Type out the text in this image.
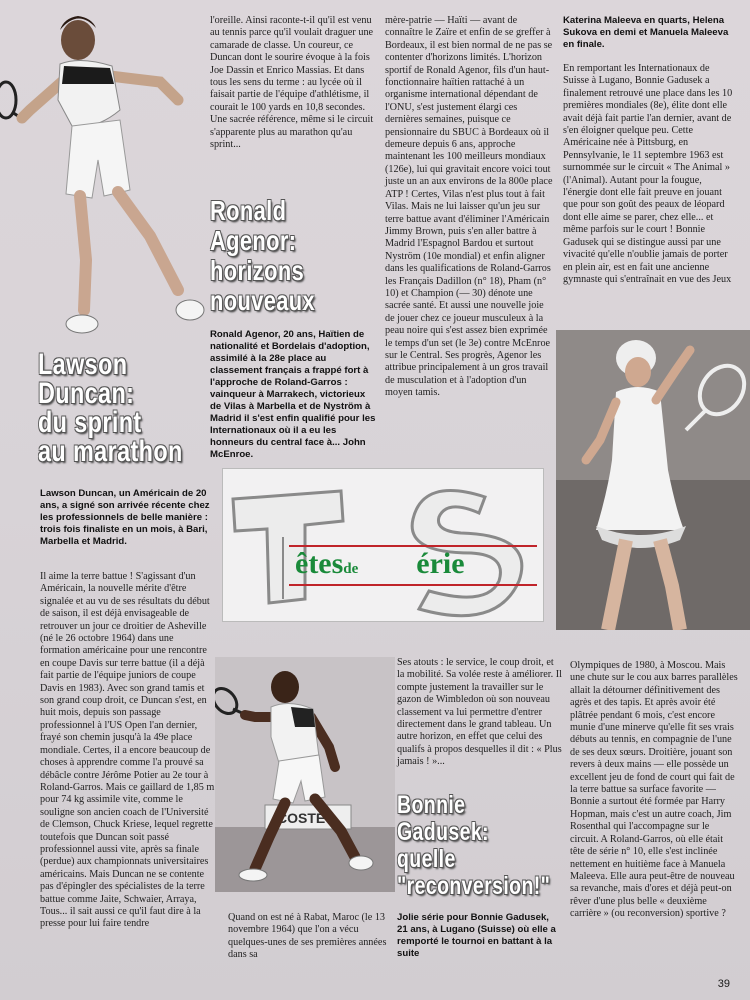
Lawson
Duncan:
du sprint
au marathon

l'oreille. Ainsi raconte-t-il qu'il est venu au tennis parce qu'il voulait draguer une camarade de classe. Un coureur, ce Duncan dont le sourire évoque à la fois Joe Dassin et Enrico Massias. Et dans tous les sens du terme : au lycée où il faisait partie de l'équipe d'athlétisme, il courait le 100 yards en 10,8 secondes. Une sacrée référence, même si le circuit s'apparente plus au marathon qu'au sprint...

Ronald
Agenor:
horizons
nouveaux

Ronald Agenor, 20 ans, Haïtien de nationalité et Bordelais d'adoption, assimilé à la 28e place au classement français a frappé fort à l'approche de Roland-Garros : vainqueur à Marrakech, victorieux de Vilas à Marbella et de Nyström à Madrid il s'est enfin qualifié pour les Internationaux où il a eu les honneurs du central face à... John McEnroe.

mère-patrie — Haïti — avant de connaître le Zaïre et enfin de se greffer à Bordeaux, il est bien normal de ne pas se contenter d'horizons limités. L'horizon sportif de Ronald Agenor, fils d'un haut-fonctionnaire haïtien rattaché à un organisme international dépendant de l'ONU, s'est justement élargi ces dernières semaines, puisque ce pensionnaire du SBUC à Bordeaux où il demeure depuis 6 ans, approche maintenant les 100 meilleurs mondiaux (126e), lui qui gravitait encore voici tout juste un an aux environs de la 800e place ATP ! Certes, Vilas n'est plus tout à fait Vilas. Mais ne lui laisser qu'un jeu sur terre battue avant d'éliminer l'Américain Jimmy Brown, puis s'en aller battre à Madrid l'Espagnol Bardou et surtout Nyström (10e mondial) et enfin aligner dans les qualifications de Roland-Garros les Français Dadillon (n° 18), Pham (n° 10) et Champion (— 30) dénote une sacrée santé. Et aussi une nouvelle joie de jouer chez ce joueur musculeux à la peau noire qui s'est assez bien exprimée le temps d'un set (le 3e) contre McEnroe sur le Central. Ses progrès, Agenor les attribue principalement à un gros travail de musculation et à l'adoption d'un moyen tamis.

Katerina Maleeva en quarts, Helena Sukova en demi et Manuela Maleeva en finale.

En remportant les Internationaux de Suisse à Lugano, Bonnie Gadusek a finalement retrouvé une place dans les 10 premières mondiales (8e), élite dont elle avait déjà fait partie l'an dernier, avant de s'en éloigner quelque peu. Cette Américaine née à Pittsburg, en Pennsylvanie, le 11 septembre 1963 est surnommée sur le circuit « The Animal » (l'Animal). Autant pour la fougue, l'énergie dont elle fait preuve en jouant que pour son goût des peaux de léopard dont elle aime se parer, chez elle... et même parfois sur le court ! Bonnie Gadusek qui se distingue aussi par une vivacité qu'elle n'oublie jamais de porter en plein air, est en fait une ancienne gymnaste qui s'entraînait en vue des Jeux

Lawson Duncan, un Américain de 20 ans, a signé son arrivée récente chez les professionnels de belle manière : trois fois finaliste en un mois, à Bari, Marbella et Madrid.

êtesde érie

Il aime la terre battue ! S'agissant d'un Américain, la nouvelle mérite d'être signalée et au vu de ses résultats du début de saison, il est déjà envisageable de retrouver un jour ce droitier de Asheville (né le 26 octobre 1964) dans une formation américaine pour une rencontre en coupe Davis sur terre battue (il a déjà fait partie de l'équipe juniors de coupe Davis en 1983). Avec son grand tamis et son grand coup droit, ce Duncan s'est, en huit mois, depuis son passage professionnel à l'US Open l'an dernier, frayé son chemin jusqu'à la 49e place mondiale. Certes, il a encore beaucoup de choses à apprendre comme l'a prouvé sa débâcle contre Jérôme Potier au 2e tour à Roland-Garros. Mais ce gaillard de 1,85 m pour 74 kg assimile vite, comme le souligne son ancien coach de l'Université de Clemson, Chuck Kriese, lequel regrette toutefois que Duncan soit passé professionnel aussi vite, après sa finale (perdue) aux championnats universitaires américains. Mais Duncan ne se contente pas d'épingler des spécialistes de la terre battue comme Jaite, Schwaier, Arraya, Tous... il sait aussi ce qu'il faut dire à la presse pour lui faire tendre

COSTE

Ses atouts : le service, le coup droit, et la mobilité. Sa volée reste à améliorer. Il compte justement la travailler sur le gazon de Wimbledon où son nouveau classement va lui permettre d'entrer directement dans le grand tableau. Un autre horizon, en effet que celui des qualifs à propos desquelles il dit : « Plus jamais ! »...

Bonnie
Gadusek:
quelle
"reconversion!"

Quand on est né à Rabat, Maroc (le 13 novembre 1964) que l'on a vécu quelques-unes de ses premières années dans sa

Jolie série pour Bonnie Gadusek, 21 ans, à Lugano (Suisse) où elle a remporté le tournoi en battant à la suite

Olympiques de 1980, à Moscou. Mais une chute sur le cou aux barres parallèles allait la détourner définitivement des agrès et des tapis. Et après avoir été plâtrée pendant 6 mois, c'est encore munie d'une minerve qu'elle fit ses vrais débuts au tennis, en compagnie de l'une de ses deux sœurs. Droitière, jouant son revers à deux mains — elle possède un excellent jeu de fond de court qui fait de la terre battue sa surface favorite — Bonnie a surtout été formée par Harry Hopman, mais c'est un autre coach, Jim Rosenthal qui l'accompagne sur le circuit. A Roland-Garros, où elle était tête de série n° 10, elle s'est inclinée nettement en huitième face à Manuela Maleeva. Elle aura peut-être de nouveau sa revanche, mais d'ores et déjà peut-on rêver d'une plus belle « deuxième carrière » (ou reconversion) sportive ?

39
